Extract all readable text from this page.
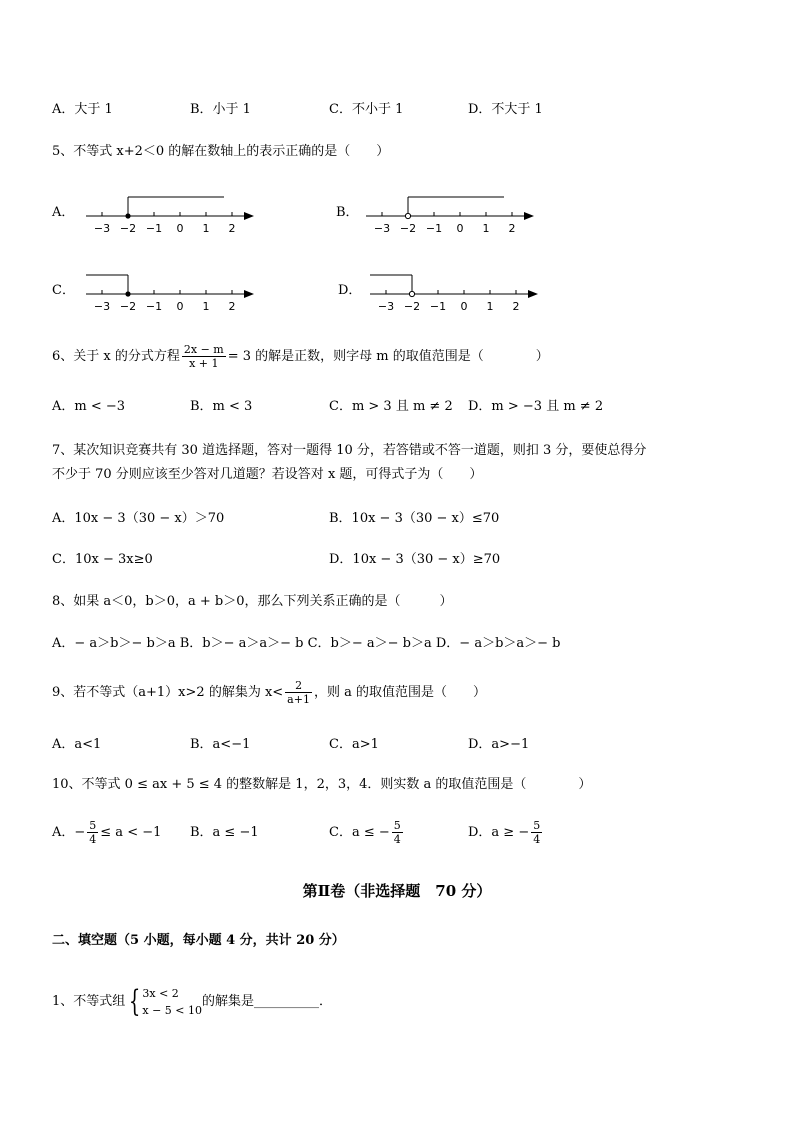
A．大于 1	B．小于 1	C．不小于 1	D．不大于 1
5、不等式 x+2＜0 的解在数轴上的表示正确的是（　　）
A．
−3 −2 −1 0 1 2
B．
−3 −2 −1 0 1 2
C．
−3 −2 −1 0 1 2
D．
−3 −2 −1 0 1 2
6、关于 x 的分式方程 $\frac{2x - m}{x + 1} = 3$ 的解是正数，则字母 m 的取值范围是（　　　　）
A．m < −3	B．m < 3	C．m > 3 且 m ≠ 2 D．m > −3 且 m ≠ 2
7、某次知识竞赛共有 30 道选择题，答对一题得 10 分，若答错或不答一道题，则扣 3 分，要使总得分
不少于 70 分则应该至少答对几道题？若设答对 x 题，可得式子为（　　）
A．10x − 3（30 − x）＞70	B．10x − 3（30 − x）≤70
C．10x − 3x≥0	D．10x − 3（30 − x）≥70
8、如果 a＜0，b＞0，a + b＞0，那么下列关系正确的是（　　　）
A．− a＞b＞− b＞a B．b＞− a＞a＞− b C．b＞− a＞− b＞a D．− a＞b＞a＞− b
9、若不等式（a+1）x>2 的解集为 $x< \frac{2}{a+1}$ ，则 a 的取值范围是（　　）
A．a<1	B．a<−1	C．a>1	D．a>−1
10、不等式 0 ≤ ax + 5 ≤ 4 的整数解是 1，2，3，4．则实数 a 的取值范围是（　　　　）
A．− $\frac{5}{4} \le a < -1$ B．a ≤ −1	C．a ≤ − $\frac{5}{4}$	D．a ≥ − $\frac{5}{4}$
第Ⅱ卷（非选择题　70 分）
二、填空题（5 小题，每小题 4 分，共计 20 分）
1、不等式组 { 3x < 2
x − 5 < 10
的解集是__________．
